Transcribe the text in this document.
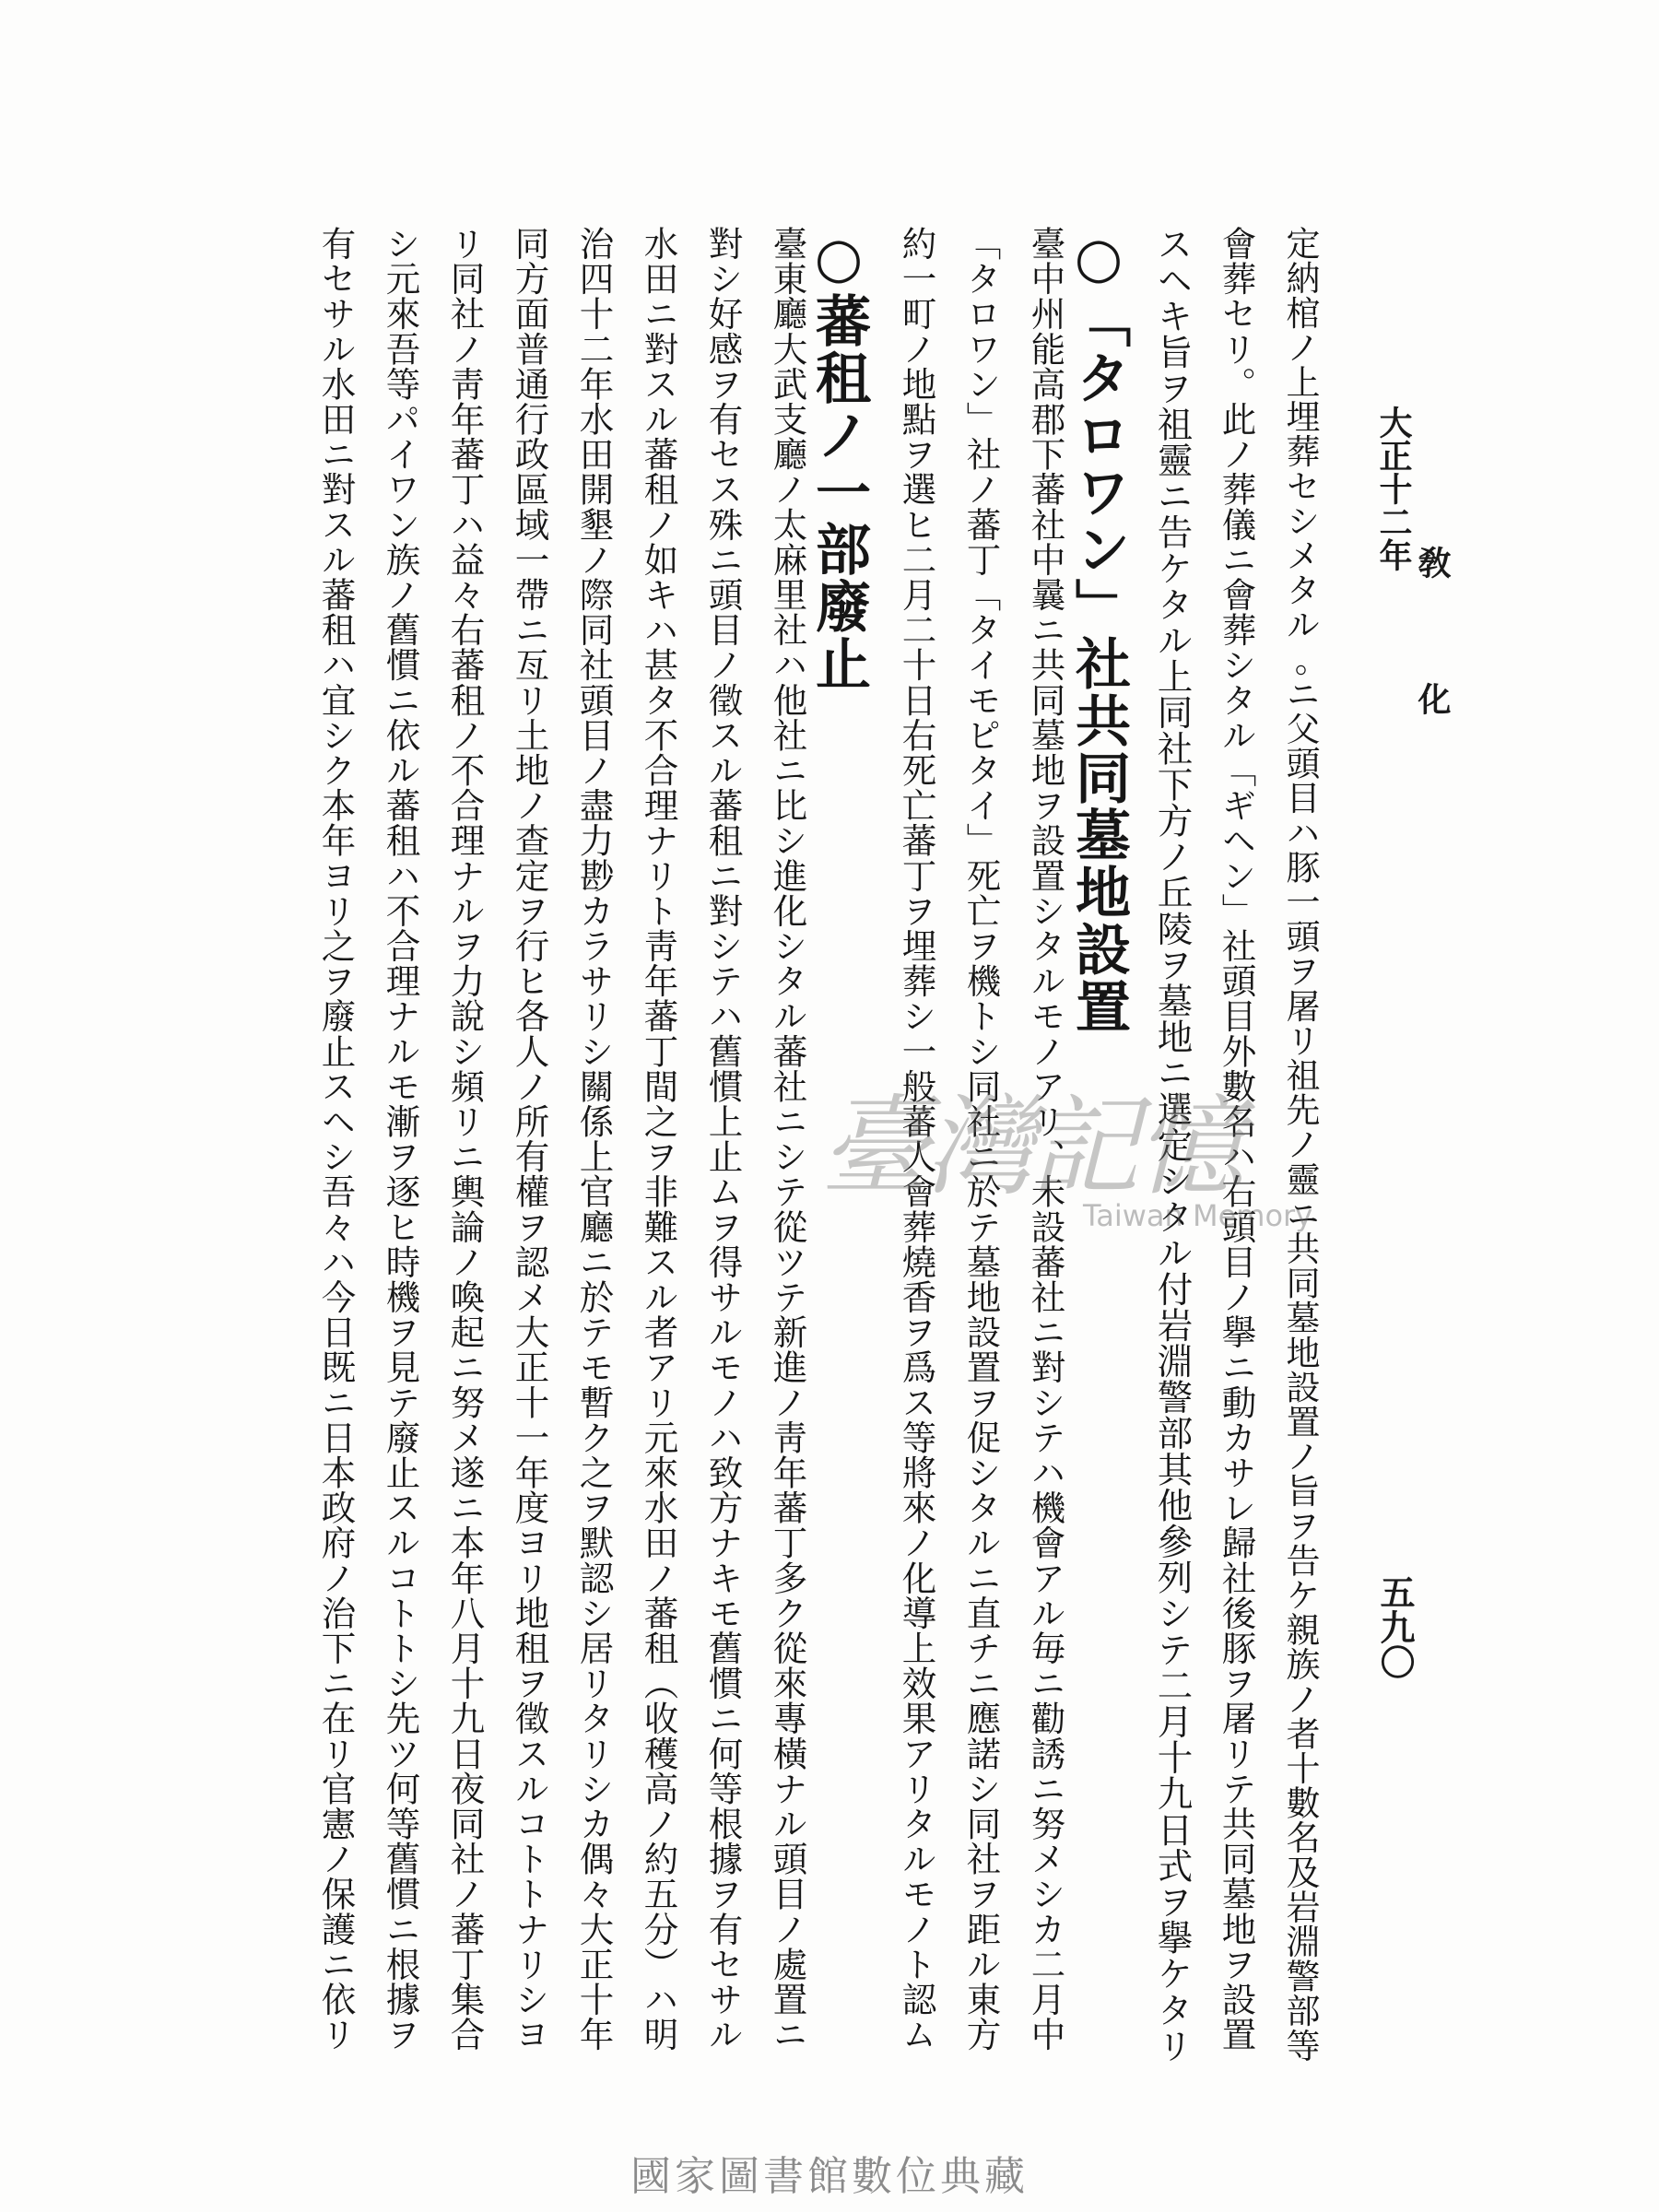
大正十二年
敎　化
五九〇
定納棺ノ上埋葬セシメタル｡ニ父頭目ハ豚一頭ヲ屠リ祖先ノ靈ニ共同墓地設置ノ旨ヲ告ケ親族ノ者十數名及岩淵警部等
會葬セリ。此ノ葬儀ニ會葬シタル「ギヘン」社頭目外數名ハ右頭目ノ擧ニ動カサレ歸社後豚ヲ屠リテ共同墓地ヲ設置
スヘキ旨ヲ祖靈ニ告ケタル上同社下方ノ丘陵ヲ墓地ニ選定シタル付岩淵警部其他參列シテ二月十九日式ヲ擧ケタリ
○「タロワン」社共同墓地設置
臺中州能高郡下蕃社中曩ニ共同墓地ヲ設置シタルモノアリ、未設蕃社ニ對シテハ機會アル毎ニ勸誘ニ努メシカ二月中
「タロワン」社ノ蕃丁「タイモピタイ」死亡ヲ機トシ同社ニ於テ墓地設置ヲ促シタルニ直チニ應諾シ同社ヲ距ル東方
約一町ノ地點ヲ選ヒ二月二十日右死亡蕃丁ヲ埋葬シ一般蕃人會葬燒香ヲ爲ス等將來ノ化導上效果アリタルモノト認ム
○蕃租ノ一部廢止
臺東廳大武支廳ノ太麻里社ハ他社ニ比シ進化シタル蕃社ニシテ從ツテ新進ノ靑年蕃丁多ク從來專橫ナル頭目ノ處置ニ
對シ好感ヲ有セス殊ニ頭目ノ徵スル蕃租ニ對シテハ舊慣上止ムヲ得サルモノハ致方ナキモ舊慣ニ何等根據ヲ有セサル
水田ニ對スル蕃租ノ如キハ甚タ不合理ナリト靑年蕃丁間之ヲ非難スル者アリ元來水田ノ蕃租（收穫高ノ約五分）ハ明
治四十二年水田開墾ノ際同社頭目ノ盡力尠カラサリシ關係上官廳ニ於テモ暫ク之ヲ默認シ居リタリシカ偶々大正十年
同方面普通行政區域一帶ニ亙リ土地ノ查定ヲ行ヒ各人ノ所有權ヲ認メ大正十一年度ヨリ地租ヲ徵スルコトトナリシヨ
リ同社ノ靑年蕃丁ハ益々右蕃租ノ不合理ナルヲ力說シ頻リニ輿論ノ喚起ニ努メ遂ニ本年八月十九日夜同社ノ蕃丁集合
シ元來吾等パイワン族ノ舊慣ニ依ル蕃租ハ不合理ナルモ漸ヲ逐ヒ時機ヲ見テ廢止スルコトトシ先ツ何等舊慣ニ根據ヲ
有セサル水田ニ對スル蕃租ハ宜シク本年ヨリ之ヲ廢止スヘシ吾々ハ今日既ニ日本政府ノ治下ニ在リ官憲ノ保護ニ依リ	臺灣記憶
Taiwan Memory
國家圖書館數位典藏
